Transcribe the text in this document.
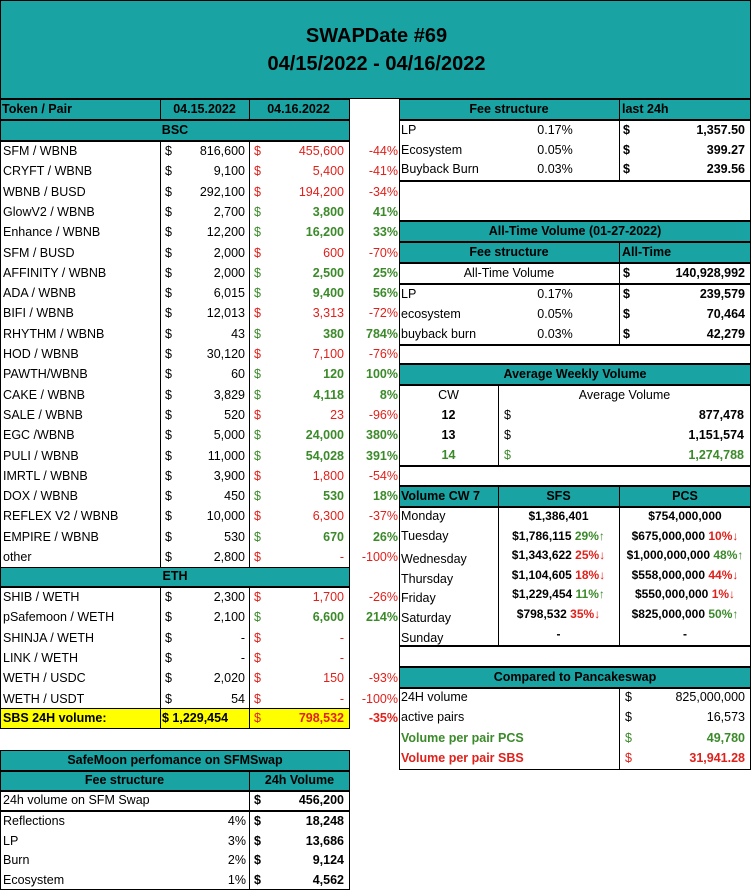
SWAPDate #69
04/15/2022 - 04/16/2022
Token / Pair	04.15.2022	04.16.2022
BSC
SFM / WBNB	$	816,600 $	455,600	-44%
CRYFT / WBNB	$	9,100 $	5,400	-41%
WBNB / BUSD	$	292,100 $	194,200	-34%
GlowV2 / WBNB	$	2,700 $	3,800	41%
Enhance / WBNB	$	12,200 $	16,200	33%
SFM / BUSD	$	2,000 $	600	-70%
AFFINITY / WBNB	$	2,000 $	2,500	25%
ADA / WBNB	$	6,015 $	9,400	56%
BIFI / WBNB	$	12,013 $	3,313	-72%
RHYTHM / WBNB	$	43 $	380	784%
HOD / WBNB	$	30,120 $	7,100	-76%
PAWTH/WBNB	$	60 $	120	100%
CAKE / WBNB	$	3,829 $	4,118	8%
SALE / WBNB	$	520 $	23	-96%
EGC /WBNB	$	5,000 $	24,000	380%
PULI / WBNB	$	11,000 $	54,028	391%
IMRTL / WBNB	$	3,900 $	1,800	-54%
DOX / WBNB	$	450 $	530	18%
REFLEX V2 / WBNB	$	10,000 $	6,300	-37%
EMPIRE / WBNB	$	530 $	670	26%
other	$	2,800 $	-	-100%
ETH
SHIB / WETH	$	2,300 $	1,700	-26%
pSafemoon / WETH	$	2,100 $	6,600	214%
SHINJA / WETH	$	- $	-
LINK / WETH	$	- $	-
WETH / USDC	$	2,020 $	150	-93%
WETH / USDT	$	54 $	-	-100%
SBS 24H volume:	$ 1,229,454	$	798,532	-35%
SafeMoon perfomance on SFMSwap
Fee structure	24h Volume
24h volume on SFM Swap	$	456,200
Reflections	4% $	18,248
LP	3% $	13,686
Burn	2% $	9,124
Ecosystem	1% $	4,562
Fee structure	last 24h
LP	0.17%	$	1,357.50
Ecosystem	0.05%	$	399.27
Buyback Burn	0.03%	$	239.56
All-Time Volume (01-27-2022)
Fee structure	All-Time
All-Time Volume	$	140,928,992
LP	0.17%	$	239,579
ecosystem	0.05%	$	70,464
buyback burn	0.03%	$	42,279
Average Weekly Volume
CW	Average Volume
12	$	877,478
13	$	1,151,574
14	$	1,274,788
Volume CW 7	SFS	PCS
Monday	$1,386,401	$754,000,000
Tuesday	$1,786,115 29%↑	$675,000,000 10%↓
Wednesday	$1,343,622 25%↓	$1,000,000,000 48%↑
Thursday	$1,104,605 18%↓	$558,000,000 44%↓
Friday	$1,229,454 11%↑	$550,000,000 1%↓
Saturday	$798,532 35%↓	$825,000,000 50%↑
Sunday	-	-
Compared to Pancakeswap
24H volume	$	825,000,000
active pairs	$	16,573
Volume per pair PCS	$	49,780
Volume per pair SBS	$	31,941.28
